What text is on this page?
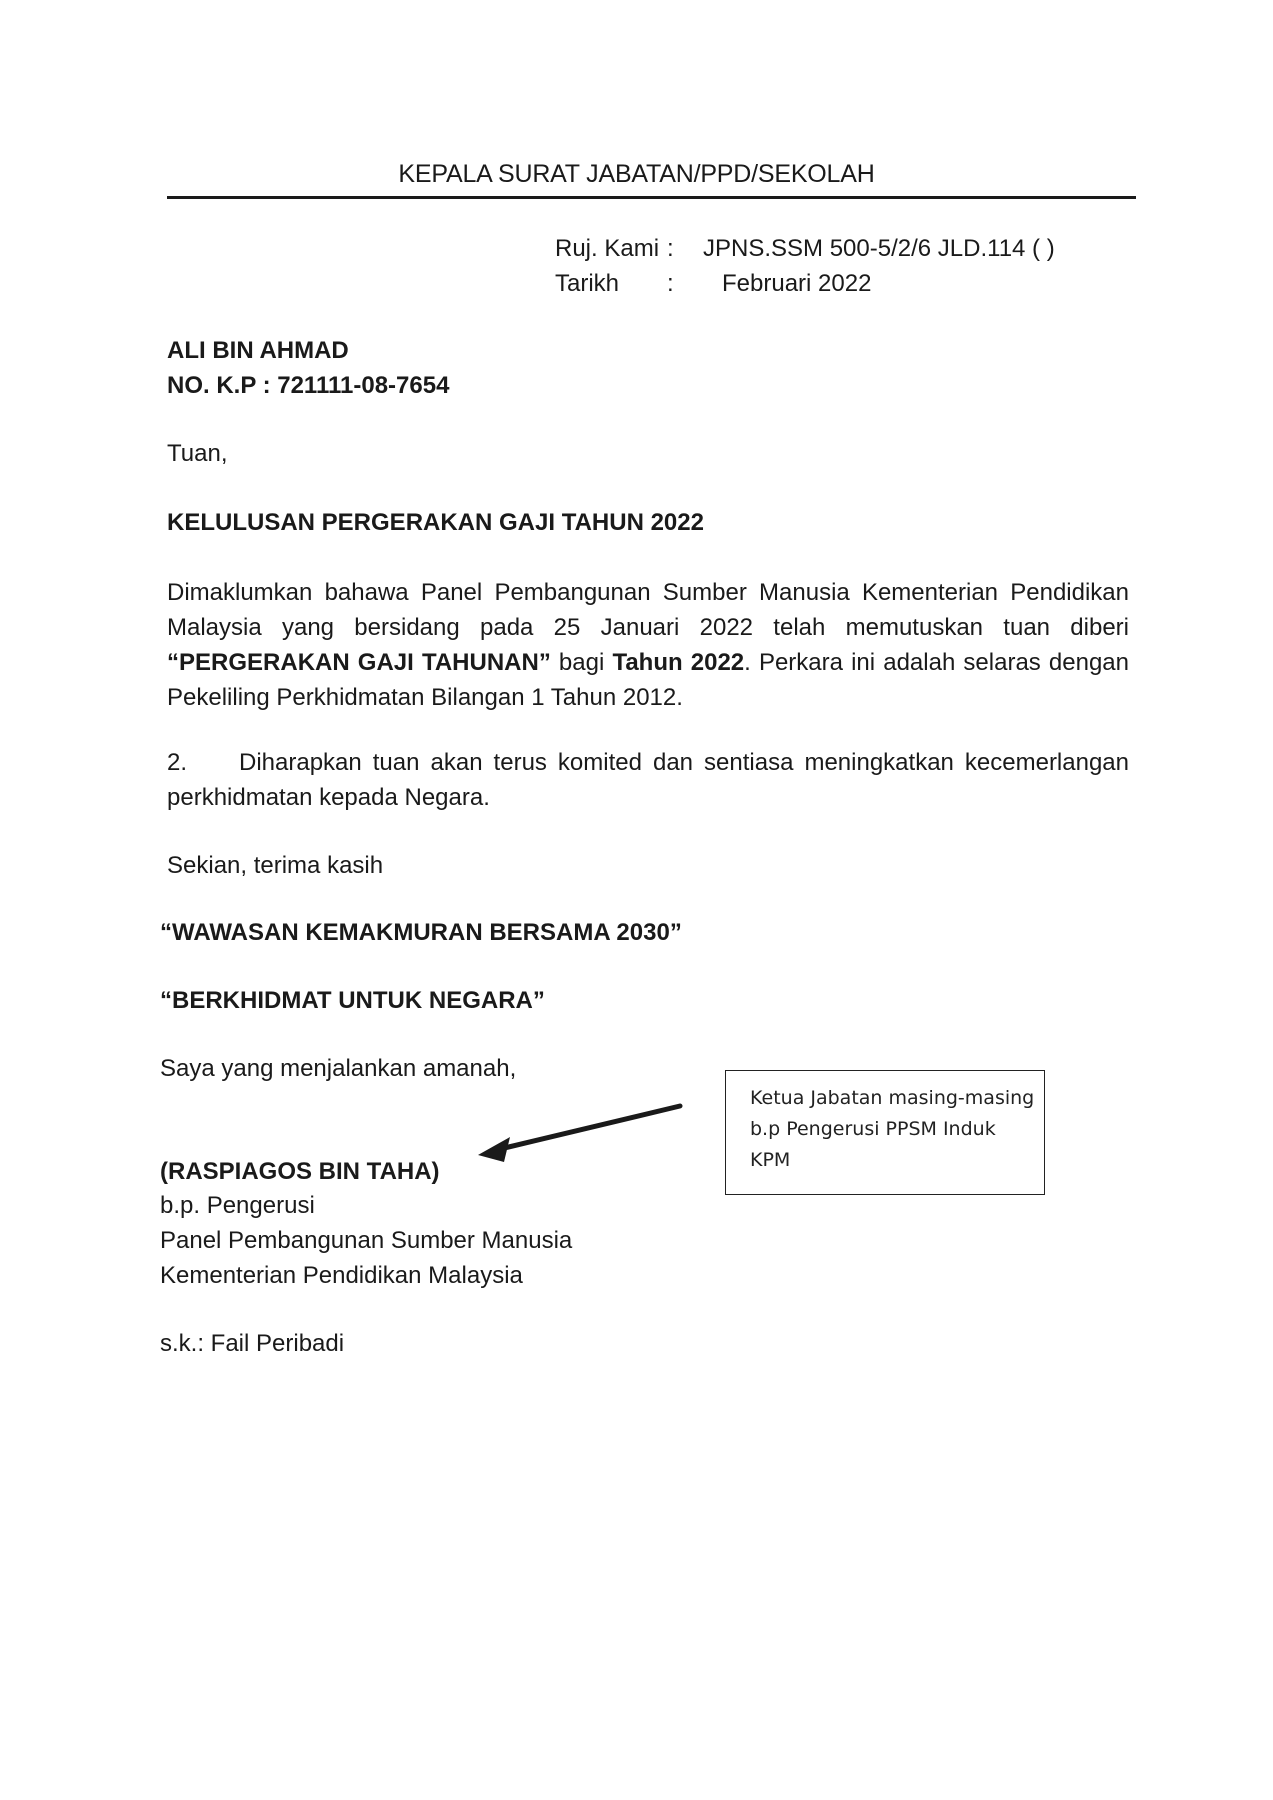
KEPALA SURAT JABATAN/PPD/SEKOLAH
Ruj. Kami : JPNS.SSM 500-5/2/6 JLD.114 ( )
Tarikh : Februari 2022
ALI BIN AHMAD
NO. K.P : 721111-08-7654
Tuan,
KELULUSAN PERGERAKAN GAJI TAHUN 2022
Dimaklumkan bahawa Panel Pembangunan Sumber Manusia Kementerian Pendidikan Malaysia yang bersidang pada 25 Januari 2022 telah memutuskan tuan diberi “PERGERAKAN GAJI TAHUNAN” bagi Tahun 2022. Perkara ini adalah selaras dengan Pekeliling Perkhidmatan Bilangan 1 Tahun 2012.
2. Diharapkan tuan akan terus komited dan sentiasa meningkatkan kecemerlangan perkhidmatan kepada Negara.
Sekian, terima kasih
“WAWASAN KEMAKMURAN BERSAMA 2030”
“BERKHIDMAT UNTUK NEGARA”
Saya yang menjalankan amanah,
Ketua Jabatan masing-masing
b.p Pengerusi PPSM Induk
KPM
(RASPIAGOS BIN TAHA)
b.p. Pengerusi
Panel Pembangunan Sumber Manusia
Kementerian Pendidikan Malaysia
s.k.: Fail Peribadi
